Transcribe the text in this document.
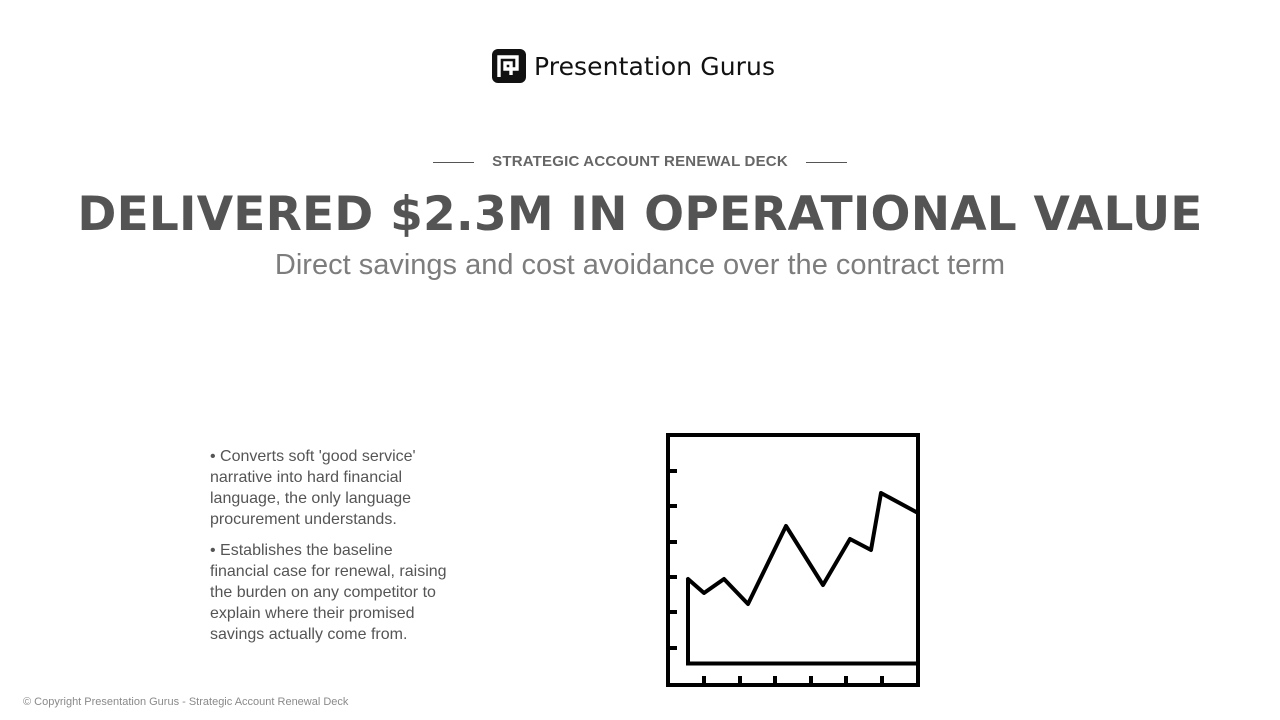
Presentation Gurus
STRATEGIC ACCOUNT RENEWAL DECK
DELIVERED $2.3M IN OPERATIONAL VALUE

Direct savings and cost avoidance over the contract term

• Converts soft 'good service' narrative into hard financial language, the only language procurement understands.

• Establishes the baseline financial case for renewal, raising the burden on any competitor to explain where their promised savings actually come from.

© Copyright Presentation Gurus - Strategic Account Renewal Deck
